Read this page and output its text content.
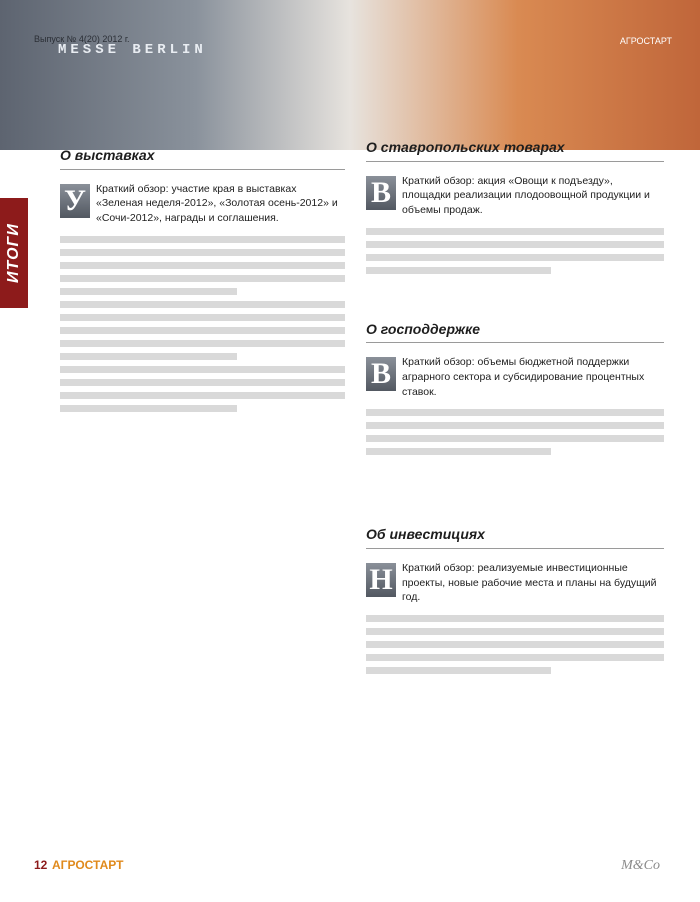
Выпуск № 4(20) 2012 г.
MESSE BERLIN
АГРОСТАРТ
ИТОГИ
О выставках
У Краткий обзор: участие края в выставках «Зеленая неделя-2012», «Золотая осень-2012» и «Сочи-2012», награды и соглашения.

О ставропольских товарах
В	Краткий обзор: акция «Овощи к подъезду», площадки реализации плодоовощной продукции и объемы продаж.

О господдержке
В	Краткий обзор: объемы бюджетной поддержки аграрного сектора и субсидирование процентных ставок.

Об инвестициях
Н Краткий обзор: реализуемые инвестиционные проекты, новые рабочие места и планы на будущий год.

12 АГРОСТАРТ	M&Co
